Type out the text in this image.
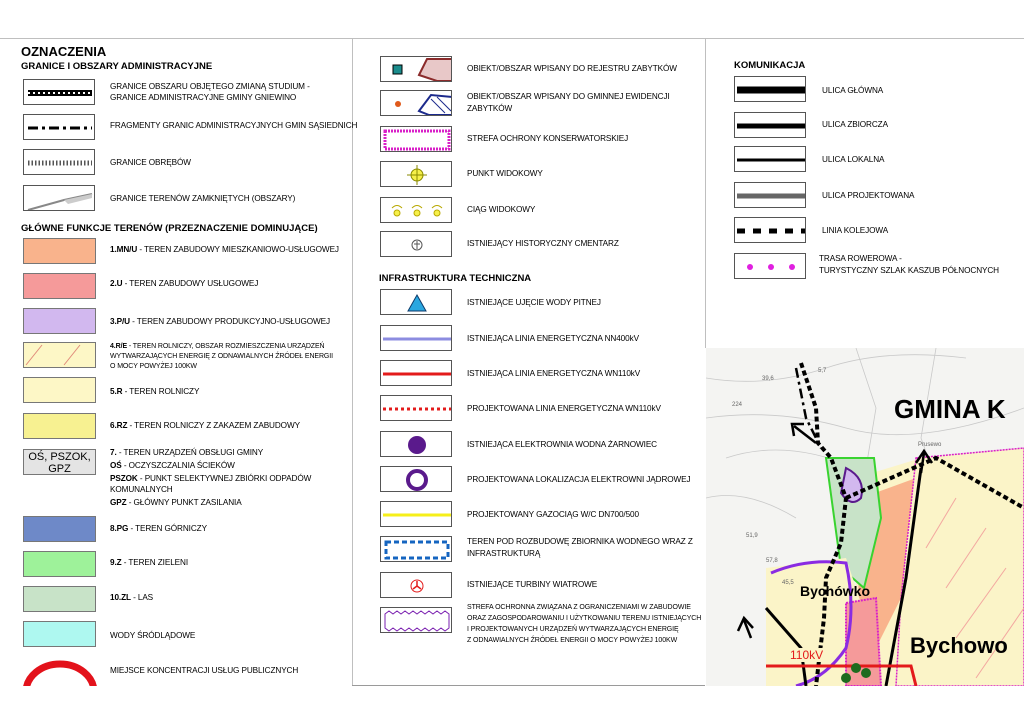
OZNACZENIA
GRANICE I OBSZARY ADMINISTRACYJNE
GRANICE OBSZARU OBJĘTEGO ZMIANĄ STUDIUM -
GRANICE ADMINISTRACYJNE GMINY GNIEWINO
FRAGMENTY GRANIC ADMINISTRACYJNYCH GMIN SĄSIEDNICH
GRANICE OBRĘBÓW
GRANICE TERENÓW ZAMKNIĘTYCH (OBSZARY)
GŁÓWNE FUNKCJE TERENÓW (PRZEZNACZENIE DOMINUJĄCE)
1.MN/U - TEREN ZABUDOWY MIESZKANIOWO-USŁUGOWEJ
2.U - TEREN ZABUDOWY USŁUGOWEJ
3.P/U - TEREN ZABUDOWY PRODUKCYJNO-USŁUGOWEJ
4.R/E - TEREN ROLNICZY, OBSZAR ROZMIESZCZENIA URZĄDZEŃ
WYTWARZAJĄCYCH ENERGIĘ Z ODNAWIALNYCH ŹRÓDEŁ ENERGII
O MOCY POWYŻEJ 100KW
5.R - TEREN ROLNICZY
6.RZ - TEREN ROLNICZY Z ZAKAZEM ZABUDOWY
OŚ, PSZOK,
GPZ
7. - TEREN URZĄDZEŃ OBSŁUGI GMINY
OŚ - OCZYSZCZALNIA ŚCIEKÓW
PSZOK - PUNKT SELEKTYWNEJ ZBIÓRKI ODPADÓW
KOMUNALNYCH
GPZ - GŁÓWNY PUNKT ZASILANIA
8.PG - TEREN GÓRNICZY
9.Z - TEREN ZIELENI
10.ZL - LAS
WODY ŚRÓDLĄDOWE
MIEJSCE KONCENTRACJI USŁUG PUBLICZNYCH
OBIEKT/OBSZAR WPISANY DO REJESTRU ZABYTKÓW
OBIEKT/OBSZAR WPISANY DO GMINNEJ EWIDENCJI
ZABYTKÓW
STREFA OCHRONY KONSERWATORSKIEJ
PUNKT WIDOKOWY
CIĄG WIDOKOWY
ISTNIEJĄCY HISTORYCZNY CMENTARZ
INFRASTRUKTURA TECHNICZNA
ISTNIEJĄCE UJĘCIE WODY PITNEJ
ISTNIEJĄCA LINIA ENERGETYCZNA NN400kV
ISTNIEJĄCA LINIA ENERGETYCZNA WN110kV
PROJEKTOWANA LINIA ENERGETYCZNA WN110kV
ISTNIEJĄCA ELEKTROWNIA WODNA ŻARNOWIEC
PROJEKTOWANA LOKALIZACJA ELEKTROWNI JĄDROWEJ
PROJEKTOWANY GAZOCIĄG W/C DN700/500
TEREN POD ROZBUDOWĘ ZBIORNIKA WODNEGO WRAZ Z
INFRASTRUKTURĄ
ISTNIEJĄCE TURBINY WIATROWE
STREFA OCHRONNA ZWIĄZANA Z OGRANICZENIAMI W ZABUDOWIE
ORAZ ZAGOSPODAROWANIU I UŻYTKOWANIU TERENU ISTNIEJĄCYCH
I PROJEKTOWANYCH URZĄDZEŃ WYTWARZAJĄCYCH ENERGIĘ
Z ODNAWIALNYCH ŹRÓDEŁ ENERGII O MOCY POWYŻEJ 100KW
KOMUNIKACJA
ULICA GŁÓWNA
ULICA ZBIORCZA
ULICA LOKALNA
ULICA PROJEKTOWANA
LINIA KOLEJOWA
TRASA ROWEROWA -
TURYSTYCZNY SZLAK KASZUB PÓŁNOCNYCH
GMINA K
Bychówko
Bychowo
110kV
39,6
224
5,7
57,8
51,9
45,5
Prusewo
